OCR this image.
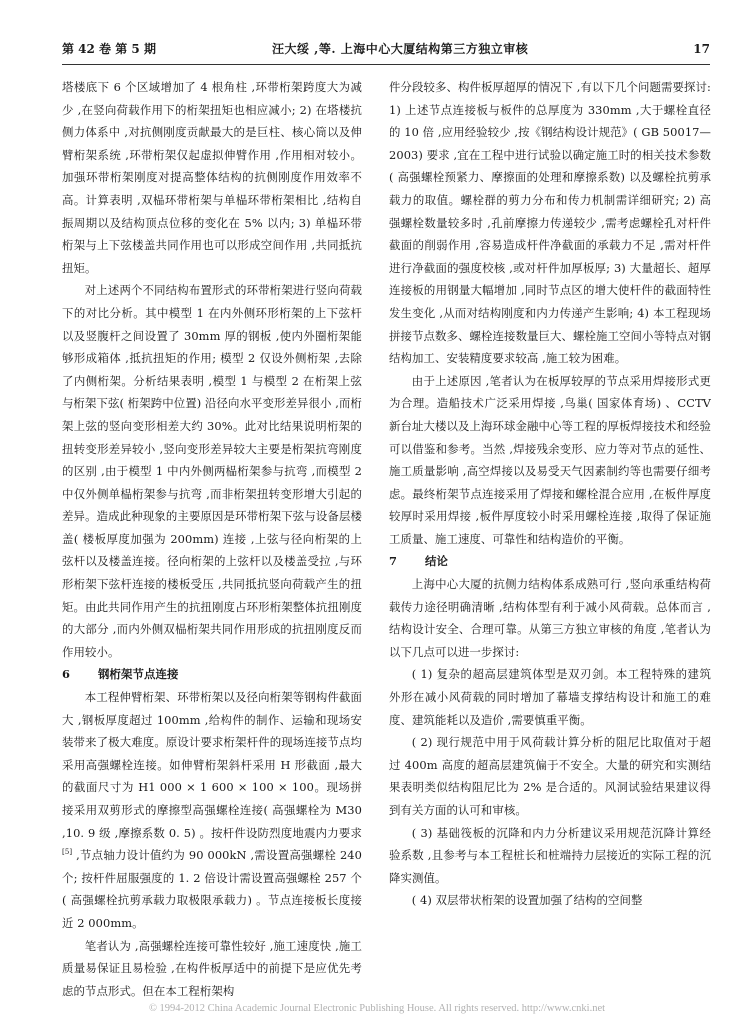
第 42 卷 第 5 期	汪大绥 ,等. 上海中心大厦结构第三方独立审核	17

塔楼底下 6 个区域增加了 4 根角柱 ,环带桁架跨度大为减少 ,在竖向荷载作用下的桁架扭矩也相应减小; 2) 在塔楼抗侧力体系中 ,对抗侧刚度贡献最大的是巨柱、核心筒以及伸臂桁架系统 ,环带桁架仅起虚拟伸臂作用 ,作用相对较小。加强环带桁架刚度对提高整体结构的抗侧刚度作用效率不高。计算表明 ,双榀环带桁架与单榀环带桁架相比 ,结构自振周期以及结构顶点位移的变化在 5% 以内; 3) 单榀环带桁架与上下弦楼盖共同作用也可以形成空间作用 ,共同抵抗扭矩。

对上述两个不同结构布置形式的环带桁架进行竖向荷载下的对比分析。其中模型 1 在内外侧环形桁架的上下弦杆以及竖腹杆之间设置了 30mm 厚的钢板 ,使内外圈桁架能够形成箱体 ,抵抗扭矩的作用; 模型 2 仅设外侧桁架 ,去除了内侧桁架。分析结果表明 ,模型 1 与模型 2 在桁架上弦与桁架下弦( 桁架跨中位置) 沿径向水平变形差异很小 ,而桁架上弦的竖向变形相差大约 30%。此对比结果说明桁架的扭转变形差异较小 ,竖向变形差异较大主要是桁架抗弯刚度的区别 ,由于模型 1 中内外侧两榀桁架参与抗弯 ,而模型 2 中仅外侧单榀桁架参与抗弯 ,而非桁架扭转变形增大引起的差异。造成此种现象的主要原因是环带桁架下弦与设备层楼盖( 楼板厚度加强为 200mm) 连接 ,上弦与径向桁架的上弦杆以及楼盖连接。径向桁架的上弦杆以及楼盖受拉 ,与环形桁架下弦杆连接的楼板受压 ,共同抵抗竖向荷载产生的扭矩。由此共同作用产生的抗扭刚度占环形桁架整体抗扭刚度的大部分 ,而内外侧双榀桁架共同作用形成的抗扭刚度反而作用较小。

6 钢桁架节点连接

本工程伸臂桁架、环带桁架以及径向桁架等钢构件截面大 ,钢板厚度超过 100mm ,给构件的制作、运输和现场安装带来了极大难度。原设计要求桁架杆件的现场连接节点均采用高强螺栓连接。如伸臂桁架斜杆采用 H 形截面 ,最大的截面尺寸为 H1 000 × 1 600 × 100 × 100。现场拼接采用双剪形式的摩擦型高强螺栓连接( 高强螺栓为 M30 ,10. 9 级 ,摩擦系数 0. 5) 。按杆件设防烈度地震内力要求[5] ,节点轴力设计值约为 90 000kN ,需设置高强螺栓 240 个; 按杆件屈服强度的 1. 2 倍设计需设置高强螺栓 257 个( 高强螺栓抗剪承载力取极限承载力) 。节点连接板长度接近 2 000mm。

笔者认为 ,高强螺栓连接可靠性较好 ,施工速度快 ,施工质量易保证且易检验 ,在构件板厚适中的前提下是应优先考虑的节点形式。但在本工程桁架构

件分段较多、构件板厚超厚的情况下 ,有以下几个问题需要探讨: 1) 上述节点连接板与板件的总厚度为 330mm ,大于螺栓直径的 10 倍 ,应用经验较少 ,按《钢结构设计规范》( GB 50017—2003) 要求 ,宜在工程中进行试验以确定施工时的相关技术参数( 高强螺栓预紧力、摩擦面的处理和摩擦系数) 以及螺栓抗剪承载力的取值。螺栓群的剪力分布和传力机制需详细研究; 2) 高强螺栓数量较多时 ,孔前摩擦力传递较少 ,需考虑螺栓孔对杆件截面的削弱作用 ,容易造成杆件净截面的承载力不足 ,需对杆件进行净截面的强度校核 ,或对杆件加厚板厚; 3) 大量超长、超厚连接板的用钢量大幅增加 ,同时节点区的增大使杆件的截面特性发生变化 ,从而对结构刚度和内力传递产生影响; 4) 本工程现场拼接节点数多、螺栓连接数量巨大、螺栓施工空间小等特点对钢结构加工、安装精度要求较高 ,施工较为困难。

由于上述原因 ,笔者认为在板厚较厚的节点采用焊接形式更为合理。造船技术广泛采用焊接 ,鸟巢( 国家体育场) 、CCTV 新台址大楼以及上海环球金融中心等工程的厚板焊接技术和经验可以借鉴和参考。当然 ,焊接残余变形、应力等对节点的延性、施工质量影响 ,高空焊接以及易受天气因素制约等也需要仔细考虑。最终桁架节点连接采用了焊接和螺栓混合应用 ,在板件厚度较厚时采用焊接 ,板件厚度较小时采用螺栓连接 ,取得了保证施工质量、施工速度、可靠性和结构造价的平衡。

7 结论

上海中心大厦的抗侧力结构体系成熟可行 ,竖向承重结构荷载传力途径明确清晰 ,结构体型有利于减小风荷载。总体而言 ,结构设计安全、合理可靠。从第三方独立审核的角度 ,笔者认为以下几点可以进一步探讨:

( 1) 复杂的超高层建筑体型是双刃剑。本工程特殊的建筑外形在减小风荷载的同时增加了幕墙支撑结构设计和施工的难度、建筑能耗以及造价 ,需要慎重平衡。

( 2) 现行规范中用于风荷载计算分析的阻尼比取值对于超过 400m 高度的超高层建筑偏于不安全。大量的研究和实测结果表明类似结构阻尼比为 2% 是合适的。风洞试验结果建议得到有关方面的认可和审核。

( 3) 基础筏板的沉降和内力分析建议采用规范沉降计算经验系数 ,且参考与本工程桩长和桩端持力层接近的实际工程的沉降实测值。

( 4) 双层带状桁架的设置加强了结构的空间整

© 1994-2012 China Academic Journal Electronic Publishing House. All rights reserved. http://www.cnki.net
